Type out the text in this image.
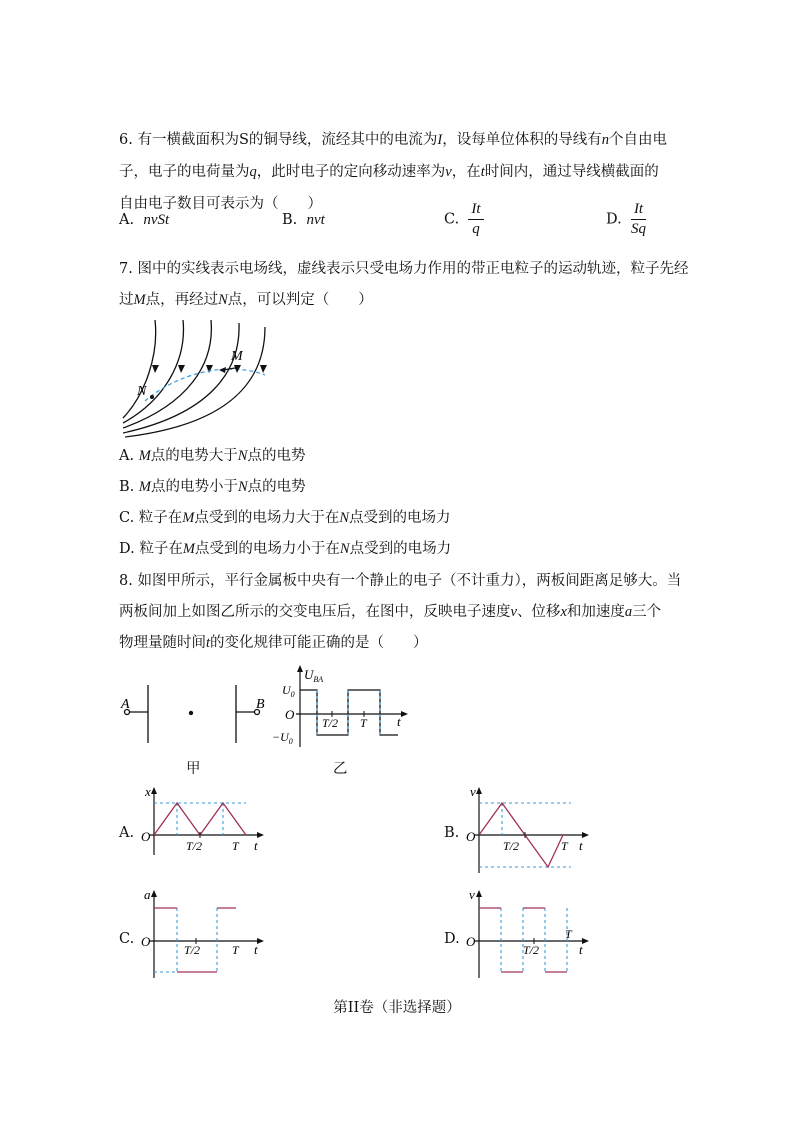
6. 有一横截面积为S的铜导线，流经其中的电流为I，设每单位体积的导线有n个自由电
子，电子的电荷量为q，此时电子的定向移动速率为v，在t时间内，通过导线横截面的
自由电子数目可表示为（　　）
A. nvSt	B. nvt	C. $\frac{It}{q}$	D. $\frac{It}{Sq}$
7. 图中的实线表示电场线，虚线表示只受电场力作用的带正电粒子的运动轨迹，粒子先经
过M点，再经过N点，可以判定（　　）
M
N
A. M点的电势大于N点的电势
B. M点的电势小于N点的电势
C. 粒子在M点受到的电场力大于在N点受到的电场力
D. 粒子在M点受到的电场力小于在N点受到的电场力
8. 如图甲所示，平行金属板中央有一个静止的电子（不计重力），两板间距离足够大。当
两板间加上如图乙所示的交变电压后，在图中，反映电子速度v、位移x和加速度a三个
物理量随时间t的变化规律可能正确的是（　　）
A	B
甲
$U_{BA}$
$U_0$
O
$-U_0$
T/2 T t
乙
A.
x
O
T/2 T t
B.
v
O
T/2	T t
C.
a
O
T/2	T t
D.
v
O
T/2
T
t
第II卷（非选择题）
